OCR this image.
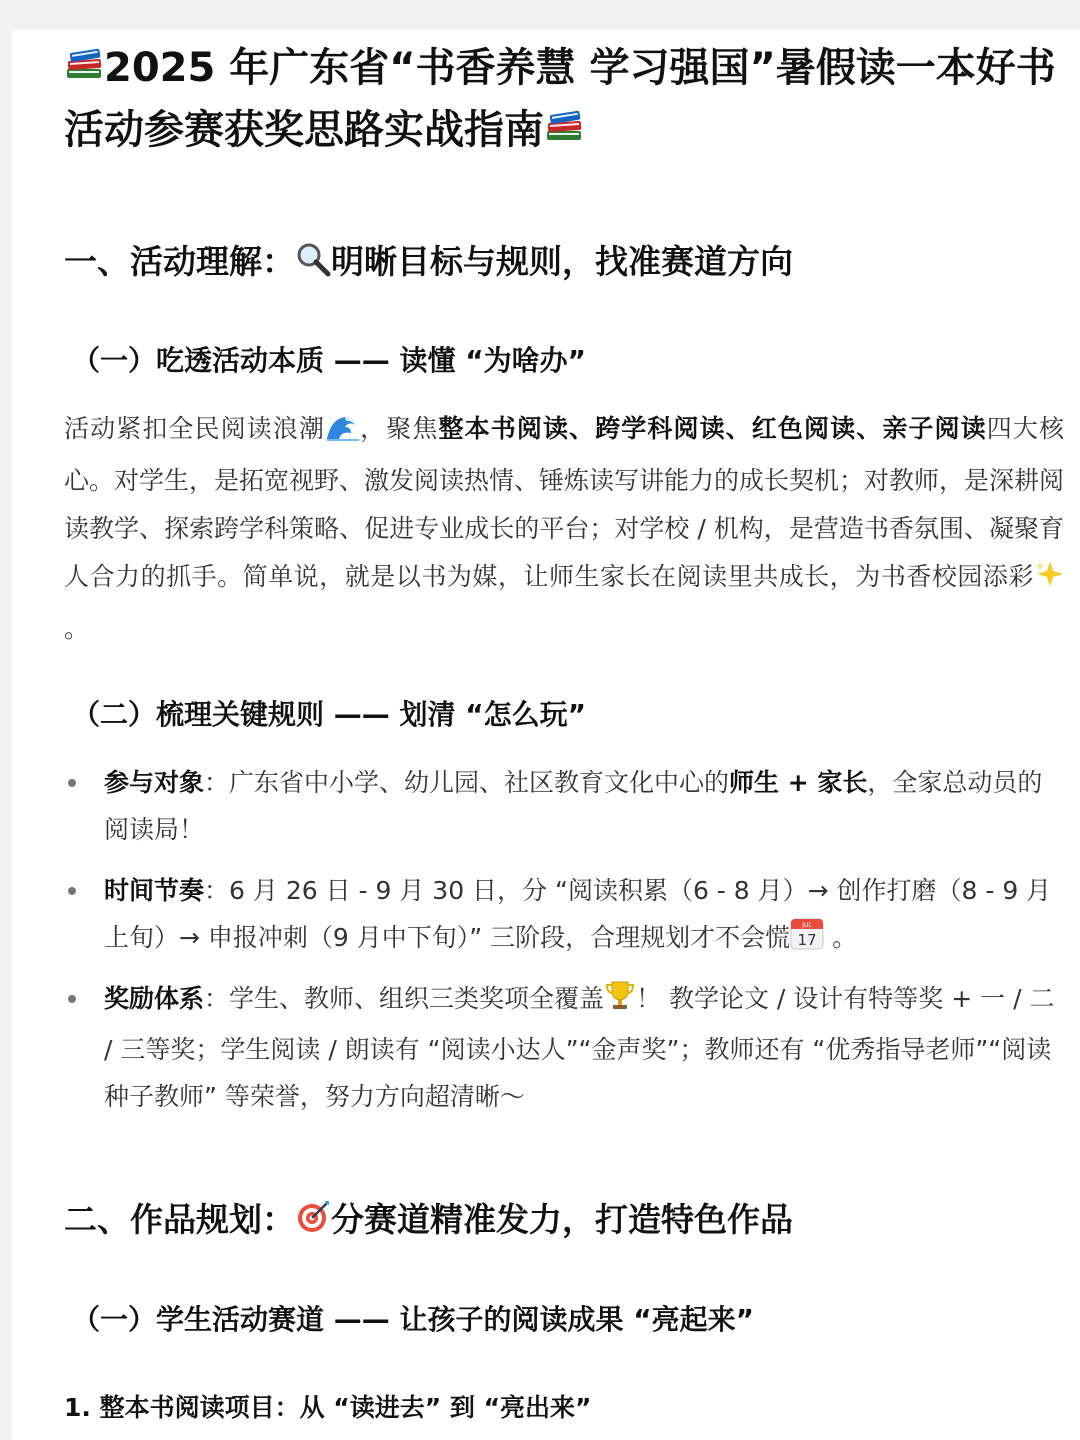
2025 年广东省“书香养慧 学习强国”暑假读一本好书活动参赛获奖思路实战指南
一、活动理解： 明晰目标与规则，找准赛道方向
（一）吃透活动本质 —— 读懂 “为啥办”

活动紧扣全民阅读浪潮 ，聚焦整本书阅读、跨学科阅读、红色阅读、亲子阅读四大核心。对学生，是拓宽视野、激发阅读热情、锤炼读写讲能力的成长契机；对教师，是深耕阅读教学、探索跨学科策略、促进专业成长的平台；对学校 / 机构，是营造书香氛围、凝聚育人合力的抓手。简单说，就是以书为媒，让师生家长在阅读里共成长，为书香校园添彩 。

（二）梳理关键规则 —— 划清 “怎么玩”
参与对象：广东省中小学、幼儿园、社区教育文化中心的师生 + 家长，全家总动员的阅读局！
时间节奏：6 月 26 日 - 9 月 30 日，分 “阅读积累（6 - 8 月）→ 创作打磨（8 - 9 月上旬）→ 申报冲刺（9 月中下旬）” 三阶段，合理规划才不会慌 JUL
17 。
奖励体系：学生、教师、组织三类奖项全覆盖 ！ 教学论文 / 设计有特等奖 + 一 / 二 / 三等奖；学生阅读 / 朗读有 “阅读小达人”“金声奖”；教师还有 “优秀指导老师”“阅读种子教师” 等荣誉，努力方向超清晰～
二、作品规划： 分赛道精准发力，打造特色作品
（一）学生活动赛道 —— 让孩子的阅读成果 “亮起来”
1. 整本书阅读项目：从 “读进去” 到 “亮出来”
